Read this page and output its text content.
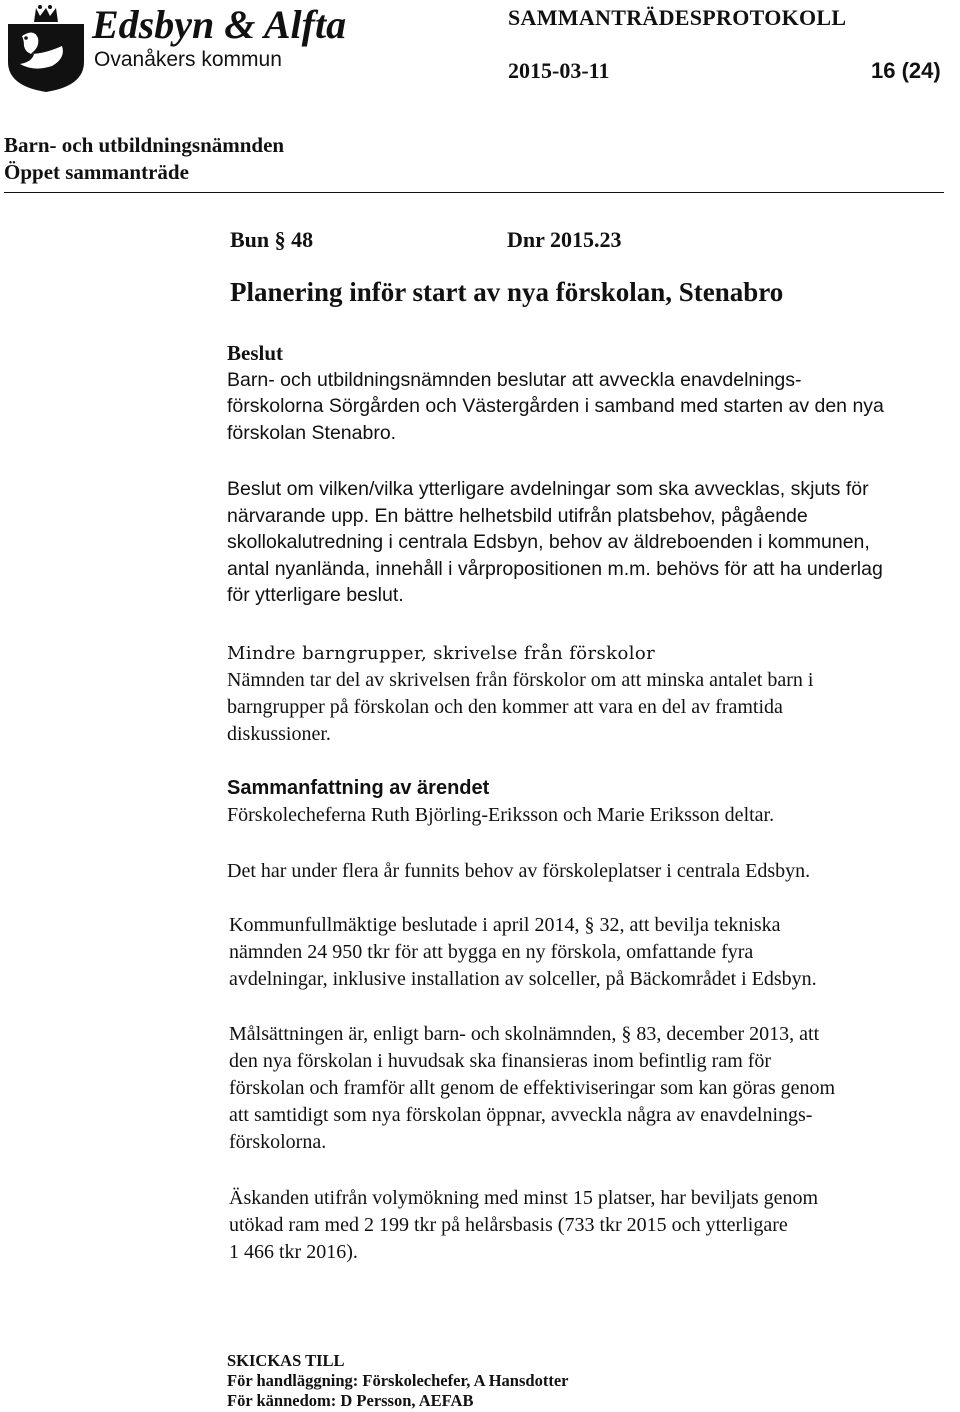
Edsbyn & Alfta
Ovanåkers kommun
SAMMANTRÄDESPROTOKOLL
2015-03-11	16 (24)
Barn- och utbildningsnämnden
Öppet sammanträde
Bun § 48	Dnr 2015.23
Planering inför start av nya förskolan, Stenabro
Beslut

Barn- och utbildningsnämnden beslutar att avveckla enavdelnings-

förskolorna Sörgården och Västergården i samband med starten av den nya

förskolan Stenabro.

Beslut om vilken/vilka ytterligare avdelningar som ska avvecklas, skjuts för

närvarande upp. En bättre helhetsbild utifrån platsbehov, pågående

skollokalutredning i centrala Edsbyn, behov av äldreboenden i kommunen,

antal nyanlända, innehåll i vårpropositionen m.m. behövs för att ha underlag

för ytterligare beslut.

Mindre barngrupper, skrivelse från förskolor

Nämnden tar del av skrivelsen från förskolor om att minska antalet barn i

barngrupper på förskolan och den kommer att vara en del av framtida

diskussioner.

Sammanfattning av ärendet

Förskolecheferna Ruth Björling-Eriksson och Marie Eriksson deltar.

Det har under flera år funnits behov av förskoleplatser i centrala Edsbyn.

Kommunfullmäktige beslutade i april 2014, § 32, att bevilja tekniska

nämnden 24 950 tkr för att bygga en ny förskola, omfattande fyra

avdelningar, inklusive installation av solceller, på Bäckområdet i Edsbyn.

Målsättningen är, enligt barn- och skolnämnden, § 83, december 2013, att

den nya förskolan i huvudsak ska finansieras inom befintlig ram för

förskolan och framför allt genom de effektiviseringar som kan göras genom

att samtidigt som nya förskolan öppnar, avveckla några av enavdelnings-

förskolorna.

Äskanden utifrån volymökning med minst 15 platser, har beviljats genom

utökad ram med 2 199 tkr på helårsbasis (733 tkr 2015 och ytterligare

1 466 tkr 2016).

SKICKAS TILL
För handläggning: Förskolechefer, A Hansdotter
För kännedom: D Persson, AEFAB
